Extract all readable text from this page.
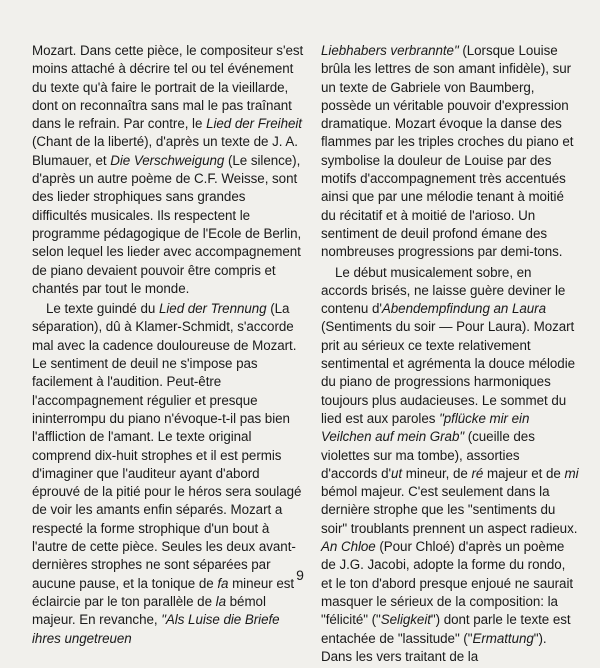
Mozart. Dans cette pièce, le compositeur s'est moins attaché à décrire tel ou tel événement du texte qu'à faire le portrait de la vieillarde, dont on reconnaîtra sans mal le pas traînant dans le refrain. Par contre, le Lied der Freiheit (Chant de la liberté), d'après un texte de J. A. Blumauer, et Die Verschweigung (Le silence), d'après un autre poème de C.F. Weisse, sont des lieder strophiques sans grandes difficultés musicales. Ils respectent le programme pédagogique de l'Ecole de Berlin, selon lequel les lieder avec accompagnement de piano devaient pouvoir être compris et chantés par tout le monde.

Le texte guindé du Lied der Trennung (La séparation), dû à Klamer-Schmidt, s'accorde mal avec la cadence douloureuse de Mozart. Le sentiment de deuil ne s'impose pas facilement à l'audition. Peut-être l'accompagnement régulier et presque ininterrompu du piano n'évoque-t-il pas bien l'affliction de l'amant. Le texte original comprend dix-huit strophes et il est permis d'imaginer que l'auditeur ayant d'abord éprouvé de la pitié pour le héros sera soulagé de voir les amants enfin séparés. Mozart a respecté la forme strophique d'un bout à l'autre de cette pièce. Seules les deux avant-dernières strophes ne sont séparées par aucune pause, et la tonique de fa mineur est éclaircie par le ton parallèle de la bémol majeur. En revanche, "Als Luise die Briefe ihres ungetreuen

Liebhabers verbrannte" (Lorsque Louise brûla les lettres de son amant infidèle), sur un texte de Gabriele von Baumberg, possède un véritable pouvoir d'expression dramatique. Mozart évoque la danse des flammes par les triples croches du piano et symbolise la douleur de Louise par des motifs d'accompagnement très accentués ainsi que par une mélodie tenant à moitié du récitatif et à moitié de l'arioso. Un sentiment de deuil profond émane des nombreuses progressions par demi-tons.

Le début musicalement sobre, en accords brisés, ne laisse guère deviner le contenu d'Abendempfindung an Laura (Sentiments du soir — Pour Laura). Mozart prit au sérieux ce texte relativement sentimental et agrémenta la douce mélodie du piano de progressions harmoniques toujours plus audacieuses. Le sommet du lied est aux paroles "pflücke mir ein Veilchen auf mein Grab" (cueille des violettes sur ma tombe), assorties d'accords d'ut mineur, de ré majeur et de mi bémol majeur. C'est seulement dans la dernière strophe que les "sentiments du soir" troublants prennent un aspect radieux. An Chloe (Pour Chloé) d'après un poème de J.G. Jacobi, adopte la forme du rondo, et le ton d'abord presque enjoué ne saurait masquer le sérieux de la composition: la "félicité" ("Seligkeit") dont parle le texte est entachée de "lassitude" ("Ermattung"). Dans les vers traitant de la

9
